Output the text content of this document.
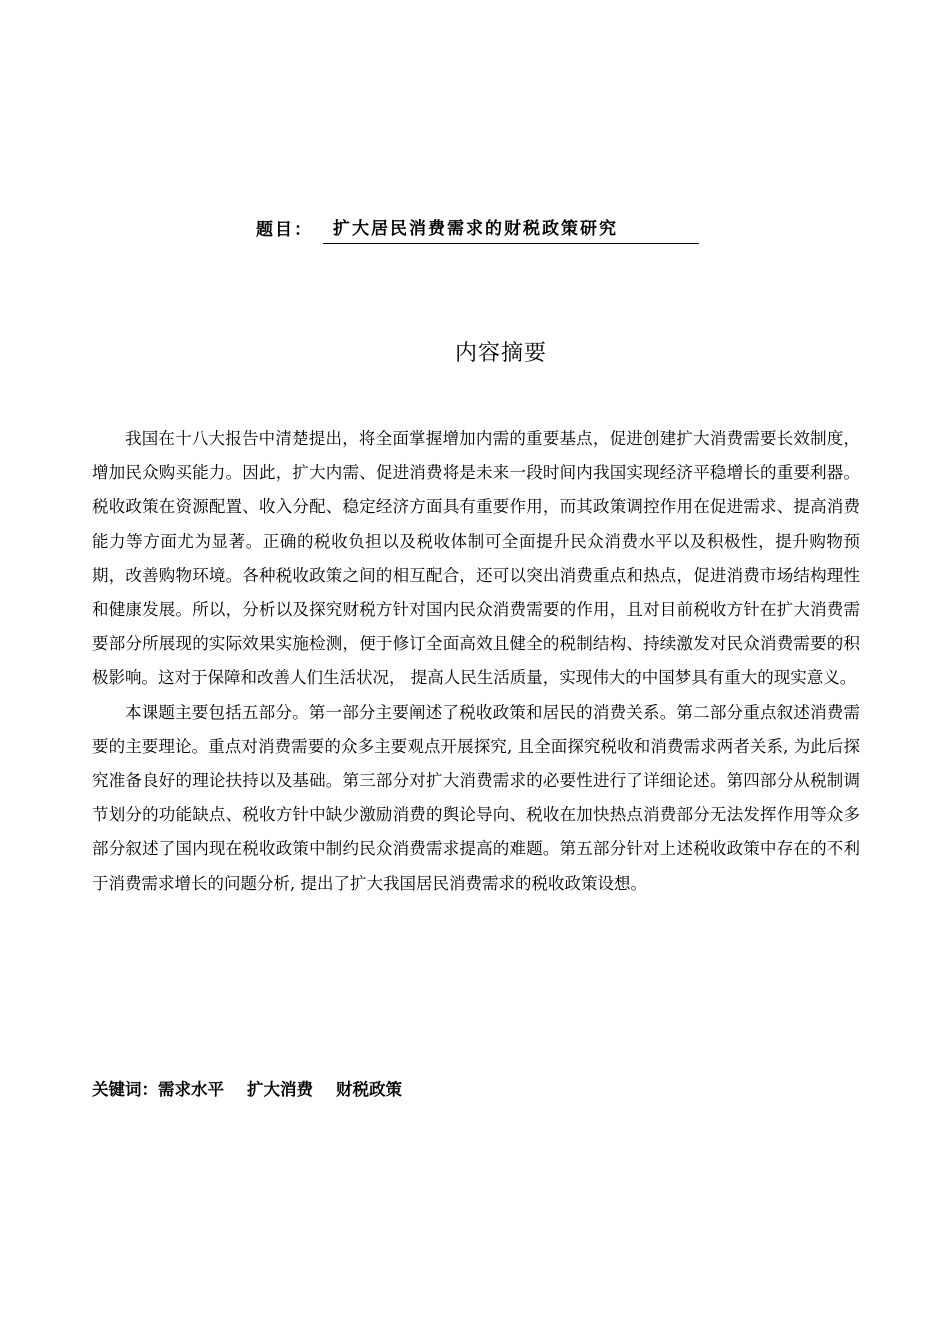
题目：	扩大居民消费需求的财税政策研究
内容摘要

我国在十八大报告中清楚提出，将全面掌握增加内需的重要基点，促进创建扩大消费需要长效制度，增加民众购买能力。因此，扩大内需、促进消费将是未来一段时间内我国实现经济平稳增长的重要利器。税收政策在资源配置、收入分配、稳定经济方面具有重要作用，而其政策调控作用在促进需求、提高消费能力等方面尤为显著。正确的税收负担以及税收体制可全面提升民众消费水平以及积极性，提升购物预期，改善购物环境。各种税收政策之间的相互配合，还可以突出消费重点和热点，促进消费市场结构理性和健康发展。所以，分析以及探究财税方针对国内民众消费需要的作用，且对目前税收方针在扩大消费需要部分所展现的实际效果实施检测，便于修订全面高效且健全的税制结构、持续激发对民众消费需要的积极影响。这对于保障和改善人们生活状况， 提高人民生活质量，实现伟大的中国梦具有重大的现实意义。

本课题主要包括五部分。第一部分主要阐述了税收政策和居民的消费关系。第二部分重点叙述消费需要的主要理论。重点对消费需要的众多主要观点开展探究, 且全面探究税收和消费需求两者关系, 为此后探究准备良好的理论扶持以及基础。第三部分对扩大消费需求的必要性进行了详细论述。第四部分从税制调节划分的功能缺点、税收方针中缺少激励消费的舆论导向、税收在加快热点消费部分无法发挥作用等众多部分叙述了国内现在税收政策中制约民众消费需求提高的难题。第五部分针对上述税收政策中存在的不利于消费需求增长的问题分析, 提出了扩大我国居民消费需求的税收政策设想。

关键词：需求水平    扩大消费    财税政策
